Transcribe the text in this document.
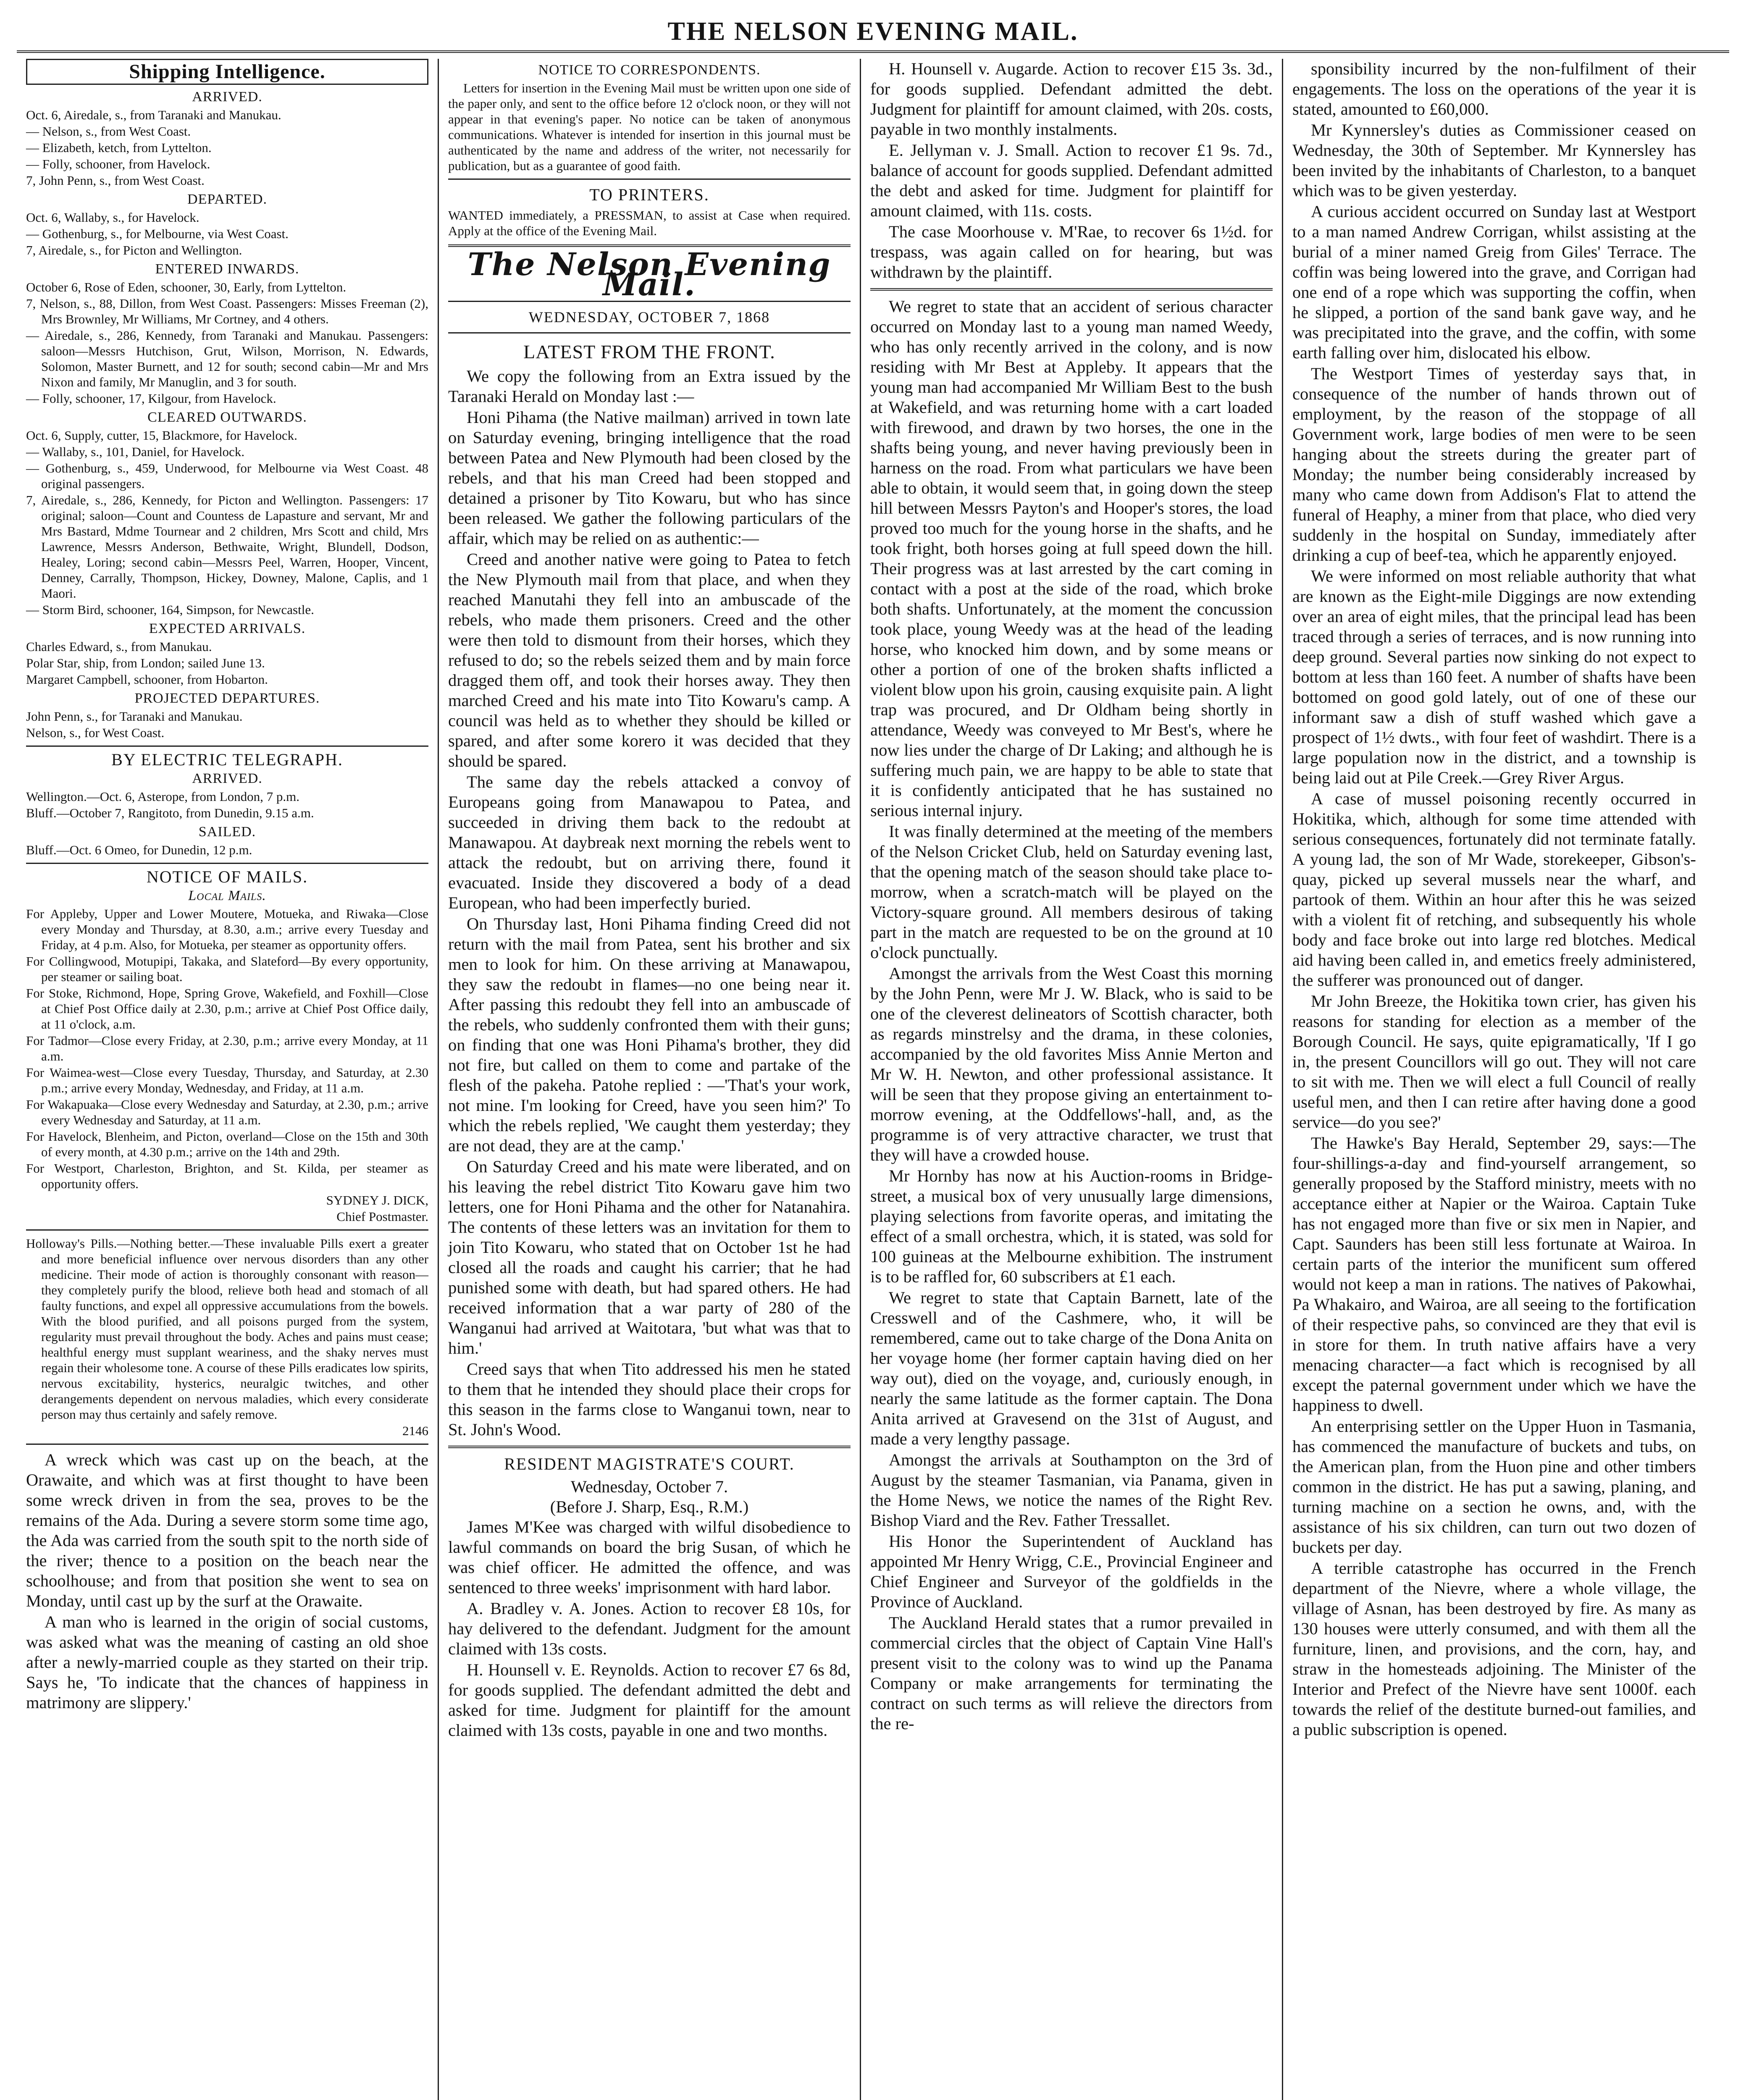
THE NELSON EVENING MAIL.
Shipping Intelligence.
ARRIVED.

Oct. 6, Airedale, s., from Taranaki and Manukau.

— Nelson, s., from West Coast.

— Elizabeth, ketch, from Lyttelton.

— Folly, schooner, from Havelock.

7, John Penn, s., from West Coast.

DEPARTED.

Oct. 6, Wallaby, s., for Havelock.

— Gothenburg, s., for Melbourne, via West Coast.

7, Airedale, s., for Picton and Wellington.

ENTERED INWARDS.

October 6, Rose of Eden, schooner, 30, Early, from Lyttelton.

7, Nelson, s., 88, Dillon, from West Coast. Passengers: Misses Freeman (2), Mrs Brownley, Mr Williams, Mr Cortney, and 4 others.

— Airedale, s., 286, Kennedy, from Taranaki and Manukau. Passengers: saloon—Messrs Hutchison, Grut, Wilson, Morrison, N. Edwards, Solomon, Master Burnett, and 12 for south; second cabin—Mr and Mrs Nixon and family, Mr Manuglin, and 3 for south.

— Folly, schooner, 17, Kilgour, from Havelock.

CLEARED OUTWARDS.

Oct. 6, Supply, cutter, 15, Blackmore, for Havelock.

— Wallaby, s., 101, Daniel, for Havelock.

— Gothenburg, s., 459, Underwood, for Melbourne via West Coast. 48 original passengers.

7, Airedale, s., 286, Kennedy, for Picton and Wellington. Passengers: 17 original; saloon—Count and Countess de Lapasture and servant, Mr and Mrs Bastard, Mdme Tournear and 2 children, Mrs Scott and child, Mrs Lawrence, Messrs Anderson, Bethwaite, Wright, Blundell, Dodson, Healey, Loring; second cabin—Messrs Peel, Warren, Hooper, Vincent, Denney, Carrally, Thompson, Hickey, Downey, Malone, Caplis, and 1 Maori.

— Storm Bird, schooner, 164, Simpson, for Newcastle.

EXPECTED ARRIVALS.

Charles Edward, s., from Manukau.

Polar Star, ship, from London; sailed June 13.

Margaret Campbell, schooner, from Hobarton.

PROJECTED DEPARTURES.

John Penn, s., for Taranaki and Manukau.

Nelson, s., for West Coast.

BY ELECTRIC TELEGRAPH.
ARRIVED.

Wellington.—Oct. 6, Asterope, from London, 7 p.m.

Bluff.—October 7, Rangitoto, from Dunedin, 9.15 a.m.

SAILED.

Bluff.—Oct. 6 Omeo, for Dunedin, 12 p.m.

NOTICE OF MAILS.
Local Mails.

For Appleby, Upper and Lower Moutere, Motueka, and Riwaka—Close every Monday and Thursday, at 8.30, a.m.; arrive every Tuesday and Friday, at 4 p.m. Also, for Motueka, per steamer as opportunity offers.

For Collingwood, Motupipi, Takaka, and Slateford—By every opportunity, per steamer or sailing boat.

For Stoke, Richmond, Hope, Spring Grove, Wakefield, and Foxhill—Close at Chief Post Office daily at 2.30, p.m.; arrive at Chief Post Office daily, at 11 o'clock, a.m.

For Tadmor—Close every Friday, at 2.30, p.m.; arrive every Monday, at 11 a.m.

For Waimea-west—Close every Tuesday, Thursday, and Saturday, at 2.30 p.m.; arrive every Monday, Wednesday, and Friday, at 11 a.m.

For Wakapuaka—Close every Wednesday and Saturday, at 2.30, p.m.; arrive every Wednesday and Saturday, at 11 a.m.

For Havelock, Blenheim, and Picton, overland—Close on the 15th and 30th of every month, at 4.30 p.m.; arrive on the 14th and 29th.

For Westport, Charleston, Brighton, and St. Kilda, per steamer as opportunity offers.

SYDNEY J. DICK,

Chief Postmaster.

Holloway's Pills.—Nothing better.—These invaluable Pills exert a greater and more beneficial influence over nervous disorders than any other medicine. Their mode of action is thoroughly consonant with reason—they completely purify the blood, relieve both head and stomach of all faulty functions, and expel all oppressive accumulations from the bowels. With the blood purified, and all poisons purged from the system, regularity must prevail throughout the body. Aches and pains must cease; healthful energy must supplant weariness, and the shaky nerves must regain their wholesome tone. A course of these Pills eradicates low spirits, nervous excitability, hysterics, neuralgic twitches, and other derangements dependent on nervous maladies, which every considerate person may thus certainly and safely remove.

2146

A wreck which was cast up on the beach, at the Orawaite, and which was at first thought to have been some wreck driven in from the sea, proves to be the remains of the Ada. During a severe storm some time ago, the Ada was carried from the south spit to the north side of the river; thence to a position on the beach near the schoolhouse; and from that position she went to sea on Monday, until cast up by the surf at the Orawaite.

A man who is learned in the origin of social customs, was asked what was the meaning of casting an old shoe after a newly-married couple as they started on their trip. Says he, 'To indicate that the chances of happiness in matrimony are slippery.'

NOTICE TO CORRESPONDENTS.

Letters for insertion in the Evening Mail must be written upon one side of the paper only, and sent to the office before 12 o'clock noon, or they will not appear in that evening's paper. No notice can be taken of anonymous communications. Whatever is intended for insertion in this journal must be authenticated by the name and address of the writer, not necessarily for publication, but as a guarantee of good faith.

TO PRINTERS.

WANTED immediately, a PRESSMAN, to assist at Case when required. Apply at the office of the Evening Mail.

The Nelson Evening Mail.
WEDNESDAY, OCTOBER 7, 1868
LATEST FROM THE FRONT.

We copy the following from an Extra issued by the Taranaki Herald on Monday last :—

Honi Pihama (the Native mailman) arrived in town late on Saturday evening, bringing intelligence that the road between Patea and New Plymouth had been closed by the rebels, and that his man Creed had been stopped and detained a prisoner by Tito Kowaru, but who has since been released. We gather the following particulars of the affair, which may be relied on as authentic:—

Creed and another native were going to Patea to fetch the New Plymouth mail from that place, and when they reached Manutahi they fell into an ambuscade of the rebels, who made them prisoners. Creed and the other were then told to dismount from their horses, which they refused to do; so the rebels seized them and by main force dragged them off, and took their horses away. They then marched Creed and his mate into Tito Kowaru's camp. A council was held as to whether they should be killed or spared, and after some korero it was decided that they should be spared.

The same day the rebels attacked a convoy of Europeans going from Manawapou to Patea, and succeeded in driving them back to the redoubt at Manawapou. At daybreak next morning the rebels went to attack the redoubt, but on arriving there, found it evacuated. Inside they discovered a body of a dead European, who had been imperfectly buried.

On Thursday last, Honi Pihama finding Creed did not return with the mail from Patea, sent his brother and six men to look for him. On these arriving at Manawapou, they saw the redoubt in flames—no one being near it. After passing this redoubt they fell into an ambuscade of the rebels, who suddenly confronted them with their guns; on finding that one was Honi Pihama's brother, they did not fire, but called on them to come and partake of the flesh of the pakeha. Patohe replied : —'That's your work, not mine. I'm looking for Creed, have you seen him?' To which the rebels replied, 'We caught them yesterday; they are not dead, they are at the camp.'

On Saturday Creed and his mate were liberated, and on his leaving the rebel district Tito Kowaru gave him two letters, one for Honi Pihama and the other for Natanahira. The contents of these letters was an invitation for them to join Tito Kowaru, who stated that on October 1st he had closed all the roads and caught his carrier; that he had punished some with death, but had spared others. He had received information that a war party of 280 of the Wanganui had arrived at Waitotara, 'but what was that to him.'

Creed says that when Tito addressed his men he stated to them that he intended they should place their crops for this season in the farms close to Wanganui town, near to St. John's Wood.

RESIDENT MAGISTRATE'S COURT.
Wednesday, October 7.
(Before J. Sharp, Esq., R.M.)

James M'Kee was charged with wilful disobedience to lawful commands on board the brig Susan, of which he was chief officer. He admitted the offence, and was sentenced to three weeks' imprisonment with hard labor.

A. Bradley v. A. Jones. Action to recover £8 10s, for hay delivered to the defendant. Judgment for the amount claimed with 13s costs.

H. Hounsell v. E. Reynolds. Action to recover £7 6s 8d, for goods supplied. The defendant admitted the debt and asked for time. Judgment for plaintiff for the amount claimed with 13s costs, payable in one and two months.

H. Hounsell v. Augarde. Action to recover £15 3s. 3d., for goods supplied. Defendant admitted the debt. Judgment for plaintiff for amount claimed, with 20s. costs, payable in two monthly instalments.

E. Jellyman v. J. Small. Action to recover £1 9s. 7d., balance of account for goods supplied. Defendant admitted the debt and asked for time. Judgment for plaintiff for amount claimed, with 11s. costs.

The case Moorhouse v. M'Rae, to recover 6s 1½d. for trespass, was again called on for hearing, but was withdrawn by the plaintiff.

We regret to state that an accident of serious character occurred on Monday last to a young man named Weedy, who has only recently arrived in the colony, and is now residing with Mr Best at Appleby. It appears that the young man had accompanied Mr William Best to the bush at Wakefield, and was returning home with a cart loaded with firewood, and drawn by two horses, the one in the shafts being young, and never having previously been in harness on the road. From what particulars we have been able to obtain, it would seem that, in going down the steep hill between Messrs Payton's and Hooper's stores, the load proved too much for the young horse in the shafts, and he took fright, both horses going at full speed down the hill. Their progress was at last arrested by the cart coming in contact with a post at the side of the road, which broke both shafts. Unfortunately, at the moment the concussion took place, young Weedy was at the head of the leading horse, who knocked him down, and by some means or other a portion of one of the broken shafts inflicted a violent blow upon his groin, causing exquisite pain. A light trap was procured, and Dr Oldham being shortly in attendance, Weedy was conveyed to Mr Best's, where he now lies under the charge of Dr Laking; and although he is suffering much pain, we are happy to be able to state that it is confidently anticipated that he has sustained no serious internal injury.

It was finally determined at the meeting of the members of the Nelson Cricket Club, held on Saturday evening last, that the opening match of the season should take place to-morrow, when a scratch-match will be played on the Victory-square ground. All members desirous of taking part in the match are requested to be on the ground at 10 o'clock punctually.

Amongst the arrivals from the West Coast this morning by the John Penn, were Mr J. W. Black, who is said to be one of the cleverest delineators of Scottish character, both as regards minstrelsy and the drama, in these colonies, accompanied by the old favorites Miss Annie Merton and Mr W. H. Newton, and other professional assistance. It will be seen that they propose giving an entertainment to-morrow evening, at the Oddfellows'-hall, and, as the programme is of very attractive character, we trust that they will have a crowded house.

Mr Hornby has now at his Auction-rooms in Bridge-street, a musical box of very unusually large dimensions, playing selections from favorite operas, and imitating the effect of a small orchestra, which, it is stated, was sold for 100 guineas at the Melbourne exhibition. The instrument is to be raffled for, 60 subscribers at £1 each.

We regret to state that Captain Barnett, late of the Cresswell and of the Cashmere, who, it will be remembered, came out to take charge of the Dona Anita on her voyage home (her former captain having died on her way out), died on the voyage, and, curiously enough, in nearly the same latitude as the former captain. The Dona Anita arrived at Gravesend on the 31st of August, and made a very lengthy passage.

Amongst the arrivals at Southampton on the 3rd of August by the steamer Tasmanian, via Panama, given in the Home News, we notice the names of the Right Rev. Bishop Viard and the Rev. Father Tressallet.

His Honor the Superintendent of Auckland has appointed Mr Henry Wrigg, C.E., Provincial Engineer and Chief Engineer and Surveyor of the goldfields in the Province of Auckland.

The Auckland Herald states that a rumor prevailed in commercial circles that the object of Captain Vine Hall's present visit to the colony was to wind up the Panama Company or make arrangements for terminating the contract on such terms as will relieve the directors from the re-

sponsibility incurred by the non-fulfilment of their engagements. The loss on the operations of the year it is stated, amounted to £60,000.

Mr Kynnersley's duties as Commissioner ceased on Wednesday, the 30th of September. Mr Kynnersley has been invited by the inhabitants of Charleston, to a banquet which was to be given yesterday.

A curious accident occurred on Sunday last at Westport to a man named Andrew Corrigan, whilst assisting at the burial of a miner named Greig from Giles' Terrace. The coffin was being lowered into the grave, and Corrigan had one end of a rope which was supporting the coffin, when he slipped, a portion of the sand bank gave way, and he was precipitated into the grave, and the coffin, with some earth falling over him, dislocated his elbow.

The Westport Times of yesterday says that, in consequence of the number of hands thrown out of employment, by the reason of the stoppage of all Government work, large bodies of men were to be seen hanging about the streets during the greater part of Monday; the number being considerably increased by many who came down from Addison's Flat to attend the funeral of Heaphy, a miner from that place, who died very suddenly in the hospital on Sunday, immediately after drinking a cup of beef-tea, which he apparently enjoyed.

We were informed on most reliable authority that what are known as the Eight-mile Diggings are now extending over an area of eight miles, that the principal lead has been traced through a series of terraces, and is now running into deep ground. Several parties now sinking do not expect to bottom at less than 160 feet. A number of shafts have been bottomed on good gold lately, out of one of these our informant saw a dish of stuff washed which gave a prospect of 1½ dwts., with four feet of washdirt. There is a large population now in the district, and a township is being laid out at Pile Creek.—Grey River Argus.

A case of mussel poisoning recently occurred in Hokitika, which, although for some time attended with serious consequences, fortunately did not terminate fatally. A young lad, the son of Mr Wade, storekeeper, Gibson's-quay, picked up several mussels near the wharf, and partook of them. Within an hour after this he was seized with a violent fit of retching, and subsequently his whole body and face broke out into large red blotches. Medical aid having been called in, and emetics freely administered, the sufferer was pronounced out of danger.

Mr John Breeze, the Hokitika town crier, has given his reasons for standing for election as a member of the Borough Council. He says, quite epigramatically, 'If I go in, the present Councillors will go out. They will not care to sit with me. Then we will elect a full Council of really useful men, and then I can retire after having done a good service—do you see?'

The Hawke's Bay Herald, September 29, says:—The four-shillings-a-day and find-yourself arrangement, so generally proposed by the Stafford ministry, meets with no acceptance either at Napier or the Wairoa. Captain Tuke has not engaged more than five or six men in Napier, and Capt. Saunders has been still less fortunate at Wairoa. In certain parts of the interior the munificent sum offered would not keep a man in rations. The natives of Pakowhai, Pa Whakairo, and Wairoa, are all seeing to the fortification of their respective pahs, so convinced are they that evil is in store for them. In truth native affairs have a very menacing character—a fact which is recognised by all except the paternal government under which we have the happiness to dwell.

An enterprising settler on the Upper Huon in Tasmania, has commenced the manufacture of buckets and tubs, on the American plan, from the Huon pine and other timbers common in the district. He has put a sawing, planing, and turning machine on a section he owns, and, with the assistance of his six children, can turn out two dozen of buckets per day.

A terrible catastrophe has occurred in the French department of the Nievre, where a whole village, the village of Asnan, has been destroyed by fire. As many as 130 houses were utterly consumed, and with them all the furniture, linen, and provisions, and the corn, hay, and straw in the homesteads adjoining. The Minister of the Interior and Prefect of the Nievre have sent 1000f. each towards the relief of the destitute burned-out families, and a public subscription is opened.
